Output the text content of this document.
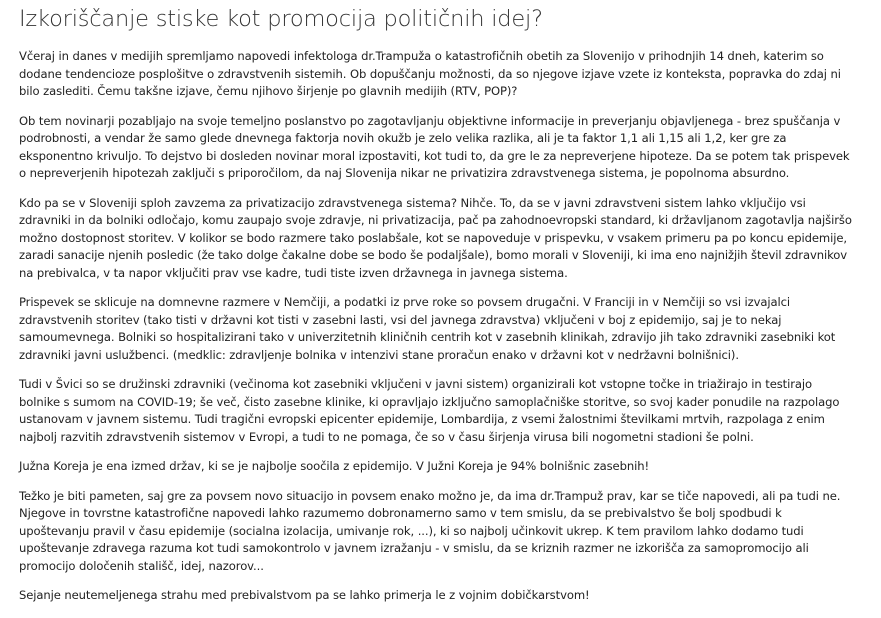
Izkoriščanje stiske kot promocija političnih idej?

Včeraj in danes v medijih spremljamo napovedi infektologa dr.Trampuža o katastrofičnih obetih za Slovenijo v prihodnjih 14 dneh, katerim so dodane tendencioze posplošitve o zdravstvenih sistemih. Ob dopuščanju možnosti, da so njegove izjave vzete iz konteksta, popravka do zdaj ni bilo zaslediti. Čemu takšne izjave, čemu njihovo širjenje po glavnih medijih (RTV, POP)?

Ob tem novinarji pozabljajo na svoje temeljno poslanstvo po zagotavljanju objektivne informacije in preverjanju objavljenega - brez spuščanja v podrobnosti, a vendar že samo glede dnevnega faktorja novih okužb je zelo velika razlika, ali je ta faktor 1,1 ali 1,15 ali 1,2, ker gre za eksponentno krivuljo. To dejstvo bi dosleden novinar moral izpostaviti, kot tudi to, da gre le za nepreverjene hipoteze. Da se potem tak prispevek o nepreverjenih hipotezah zaključi s priporočilom, da naj Slovenija nikar ne privatizira zdravstvenega sistema, je popolnoma absurdno.

Kdo pa se v Sloveniji sploh zavzema za privatizacijo zdravstvenega sistema? Nihče. To, da se v javni zdravstveni sistem lahko vključijo vsi zdravniki in da bolniki odločajo, komu zaupajo svoje zdravje, ni privatizacija, pač pa zahodnoevropski standard, ki državljanom zagotavlja najširšo možno dostopnost storitev. V kolikor se bodo razmere tako poslabšale, kot se napoveduje v prispevku, v vsakem primeru pa po koncu epidemije, zaradi sanacije njenih posledic (že tako dolge čakalne dobe se bodo še podaljšale), bomo morali v Sloveniji, ki ima eno najnižjih števil zdravnikov na prebivalca, v ta napor vključiti prav vse kadre, tudi tiste izven državnega in javnega sistema.

Prispevek se sklicuje na domnevne razmere v Nemčiji, a podatki iz prve roke so povsem drugačni. V Franciji in v Nemčiji so vsi izvajalci zdravstvenih storitev (tako tisti v državni kot tisti v zasebni lasti, vsi del javnega zdravstva) vključeni v boj z epidemijo, saj je to nekaj samoumevnega. Bolniki so hospitalizirani tako v univerzitetnih kliničnih centrih kot v zasebnih klinikah, zdravijo jih tako zdravniki zasebniki kot zdravniki javni uslužbenci. (medklic: zdravljenje bolnika v intenzivi stane proračun enako v državni kot v nedržavni bolnišnici).

Tudi v Švici so se družinski zdravniki (večinoma kot zasebniki vključeni v javni sistem) organizirali kot vstopne točke in triažirajo in testirajo bolnike s sumom na COVID-19; še več, čisto zasebne klinike, ki opravljajo izključno samoplačniške storitve, so svoj kader ponudile na razpolago ustanovam v javnem sistemu. Tudi tragični evropski epicenter epidemije, Lombardija, z vsemi žalostnimi številkami mrtvih, razpolaga z enim najbolj razvitih zdravstvenih sistemov v Evropi, a tudi to ne pomaga, če so v času širjenja virusa bili nogometni stadioni še polni.

Južna Koreja je ena izmed držav, ki se je najbolje soočila z epidemijo. V Južni Koreja je 94% bolnišnic zasebnih!

Težko je biti pameten, saj gre za povsem novo situacijo in povsem enako možno je, da ima dr.Trampuž prav, kar se tiče napovedi, ali pa tudi ne. Njegove in tovrstne katastrofične napovedi lahko razumemo dobronamerno samo v tem smislu, da se prebivalstvo še bolj spodbudi k upoštevanju pravil v času epidemije (socialna izolacija, umivanje rok, ...), ki so najbolj učinkovit ukrep. K tem pravilom lahko dodamo tudi upoštevanje zdravega razuma kot tudi samokontrolo v javnem izražanju - v smislu, da se kriznih razmer ne izkorišča za samopromocijo ali promocijo določenih stališč, idej, nazorov...

Sejanje neutemeljenega strahu med prebivalstvom pa se lahko primerja le z vojnim dobičkarstvom!
